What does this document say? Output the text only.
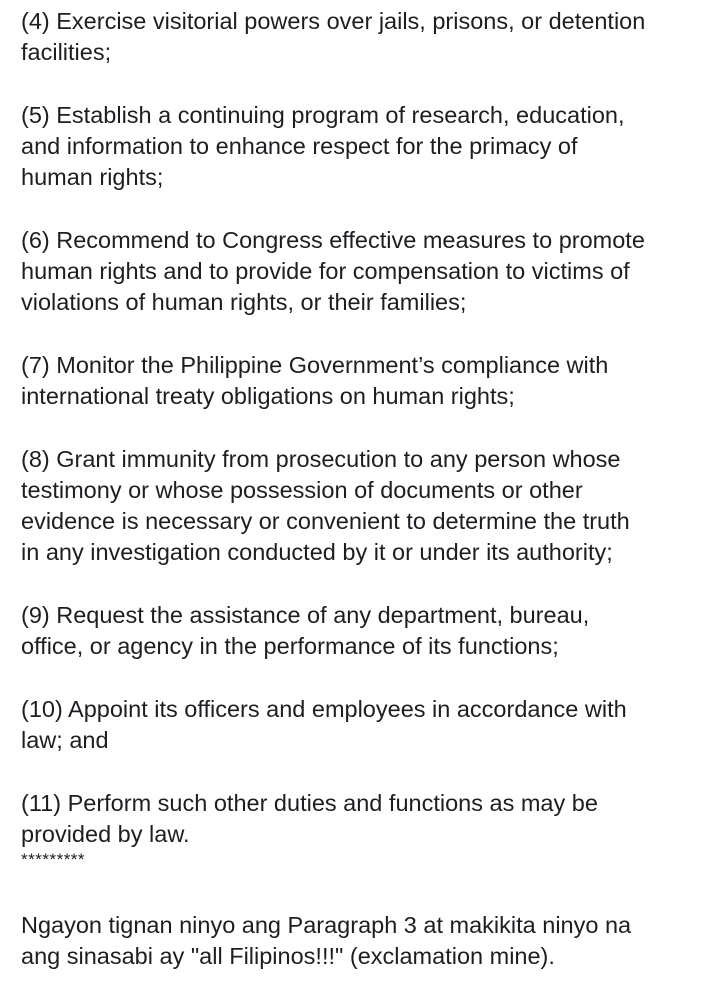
(4) Exercise visitorial powers over jails, prisons, or detention
facilities;

(5) Establish a continuing program of research, education,
and information to enhance respect for the primacy of
human rights;

(6) Recommend to Congress effective measures to promote
human rights and to provide for compensation to victims of
violations of human rights, or their families;

(7) Monitor the Philippine Government’s compliance with
international treaty obligations on human rights;

(8) Grant immunity from prosecution to any person whose
testimony or whose possession of documents or other
evidence is necessary or convenient to determine the truth
in any investigation conducted by it or under its authority;

(9) Request the assistance of any department, bureau,
office, or agency in the performance of its functions;

(10) Appoint its officers and employees in accordance with
law; and

(11) Perform such other duties and functions as may be
provided by law.
*********

Ngayon tignan ninyo ang Paragraph 3 at makikita ninyo na
ang sinasabi ay "all Filipinos!!!" (exclamation mine).
